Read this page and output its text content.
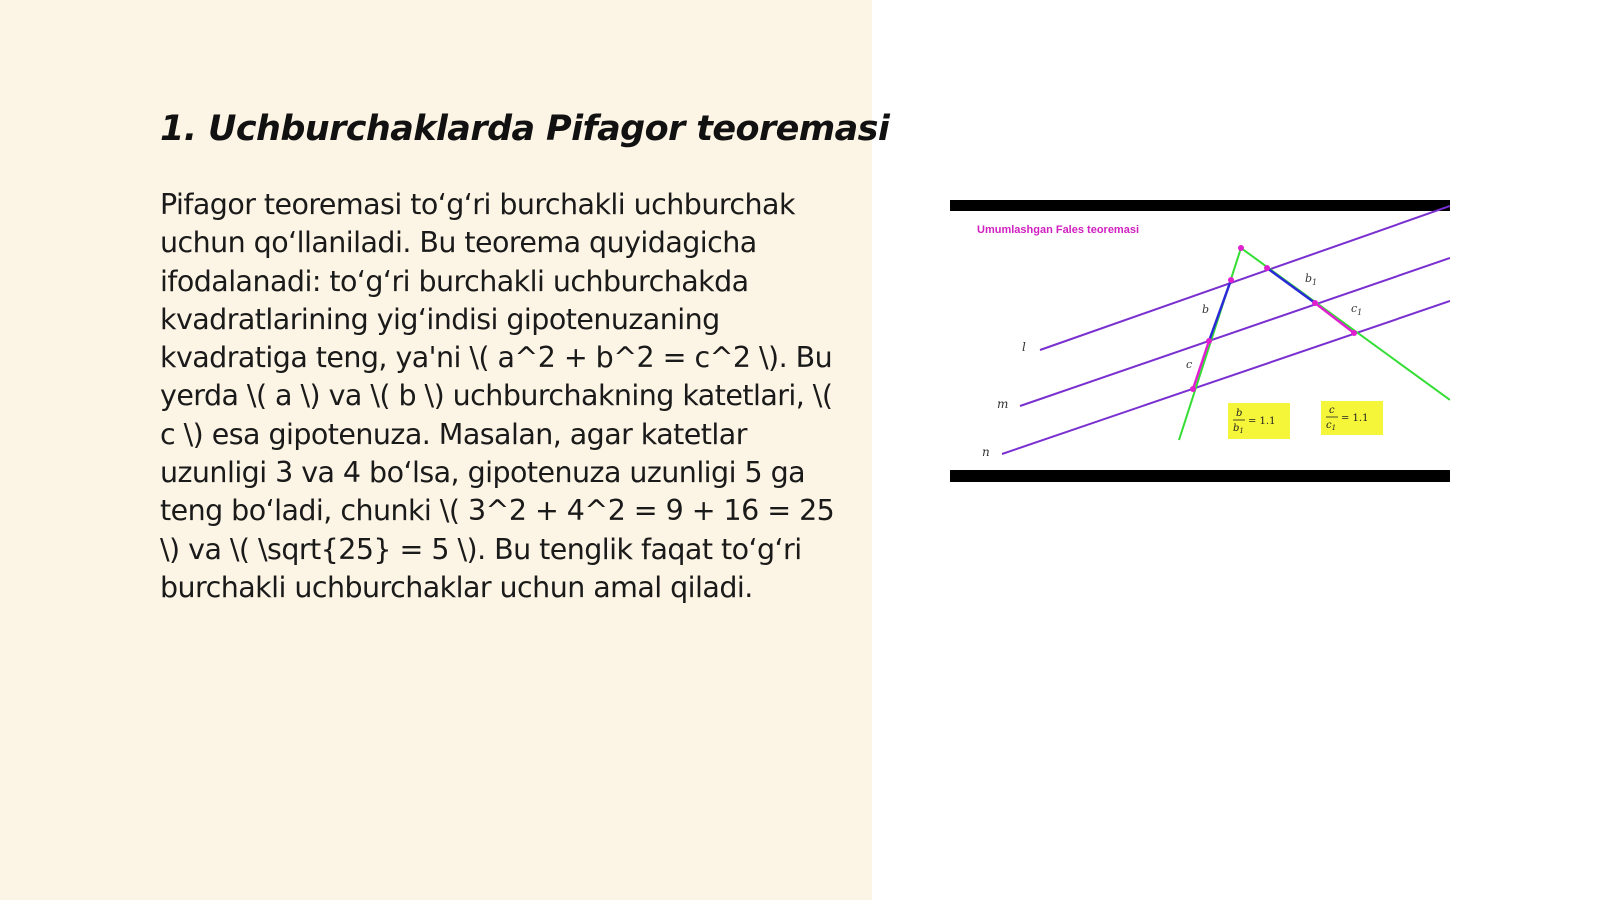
1. Uchburchaklarda Pifagor teoremasi

Pifagor teoremasi to‘g‘ri burchakli uchburchak uchun qo‘llaniladi. Bu teorema quyidagicha ifodalanadi: to‘g‘ri burchakli uchburchakda kvadratlarining yig‘indisi gipotenuzaning kvadratiga teng, ya'ni \( a^2 + b^2 = c^2 \). Bu yerda \( a \) va \( b \) uchburchakning katetlari, \( c \) esa gipotenuza. Masalan, agar katetlar uzunligi 3 va 4 bo‘lsa, gipotenuza uzunligi 5 ga teng bo‘ladi, chunki \( 3^2 + 4^2 = 9 + 16 = 25 \) va \( \sqrt{25} = 5 \). Bu tenglik faqat to‘g‘ri burchakli uchburchaklar uchun amal qiladi.

Umumlashgan Fales teoremasi
l
m
n
b
c
$b_1$
$c_1$
b
$b_1$
= 1.1
c
$c_1$
= 1.1
